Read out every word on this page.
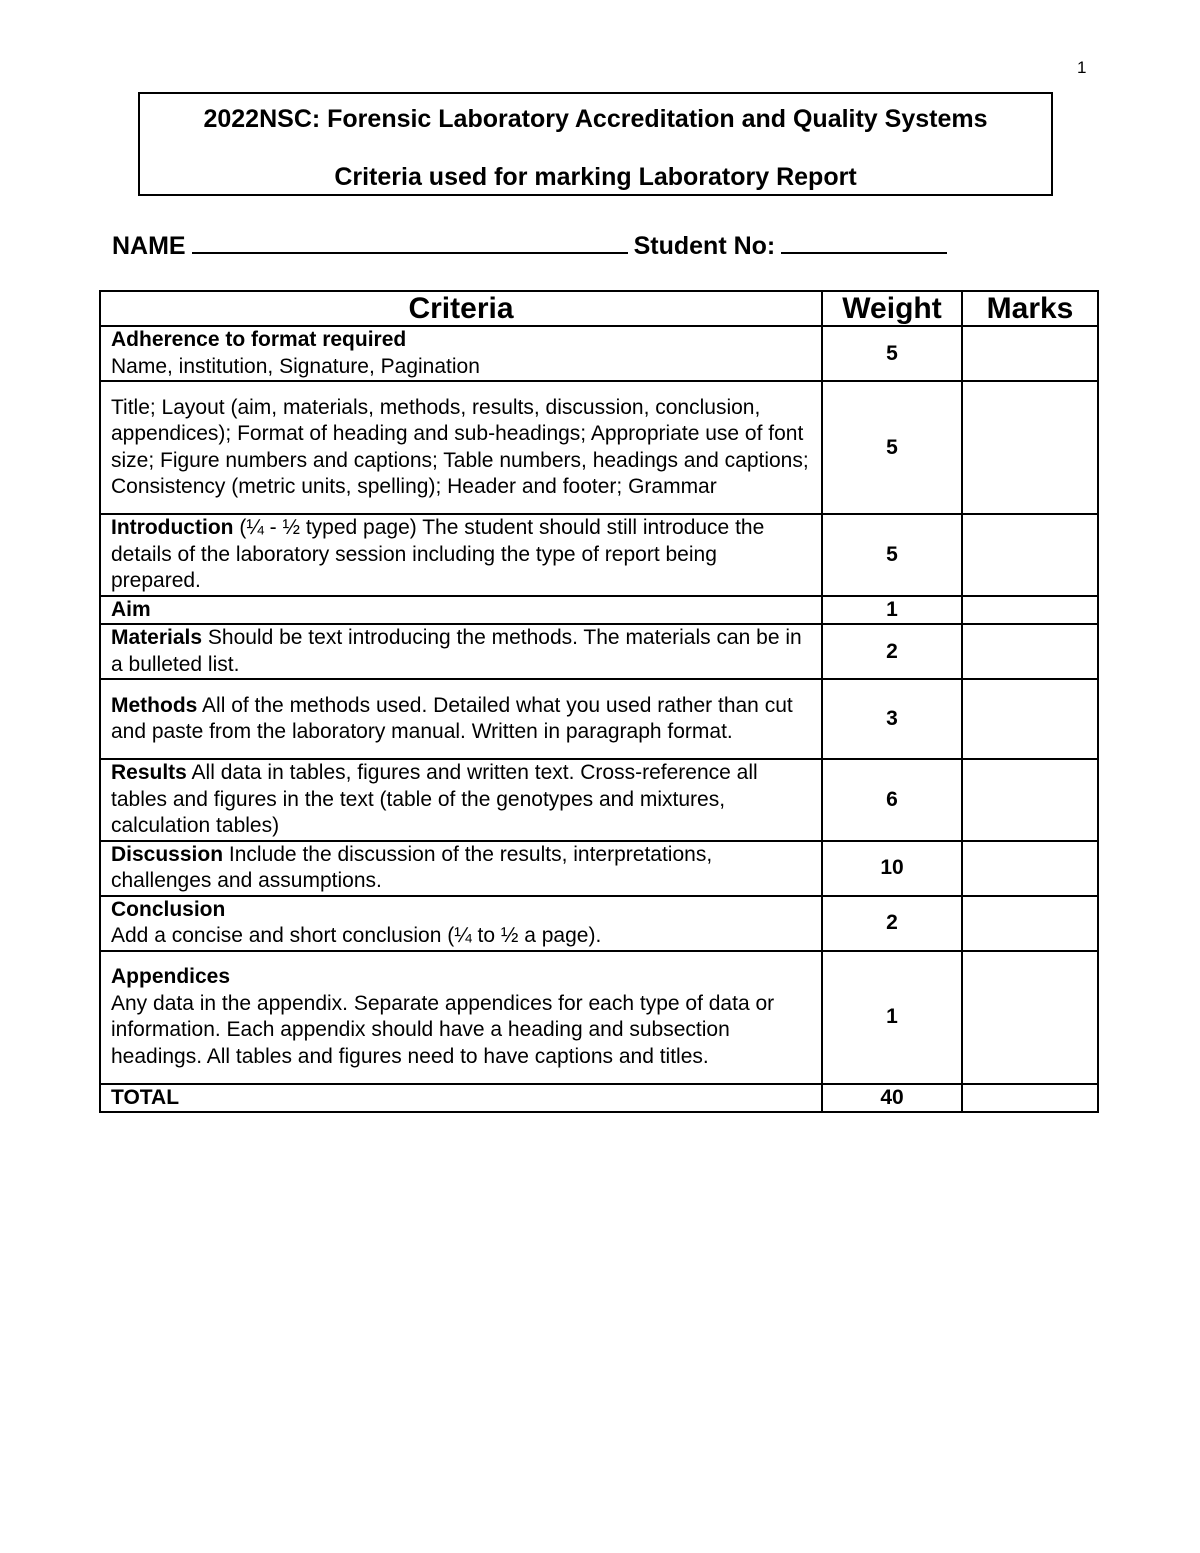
1
2022NSC: Forensic Laboratory Accreditation and Quality Systems
Criteria used for marking Laboratory Report
NAME	Student No:
Criteria	Weight	Marks
Adherence to format required
Name, institution, Signature, Pagination	5	
Title; Layout (aim, materials, methods, results, discussion, conclusion, appendices); Format of heading and sub-headings; Appropriate use of font size; Figure numbers and captions; Table numbers, headings and captions; Consistency (metric units, spelling); Header and footer; Grammar	5	
Introduction (¼ - ½ typed page) The student should still introduce the details of the laboratory session including the type of report being prepared.	5	
Aim	1	
Materials Should be text introducing the methods. The materials can be in a bulleted list.	2	
Methods All of the methods used. Detailed what you used rather than cut and paste from the laboratory manual. Written in paragraph format.	3	
Results All data in tables, figures and written text. Cross-reference all tables and figures in the text (table of the genotypes and mixtures, calculation tables)	6	
Discussion Include the discussion of the results, interpretations, challenges and assumptions.	10	
Conclusion
Add a concise and short conclusion (¼ to ½ a page).	2	
Appendices
Any data in the appendix. Separate appendices for each type of data or information. Each appendix should have a heading and subsection headings. All tables and figures need to have captions and titles.	1	
TOTAL	40	
